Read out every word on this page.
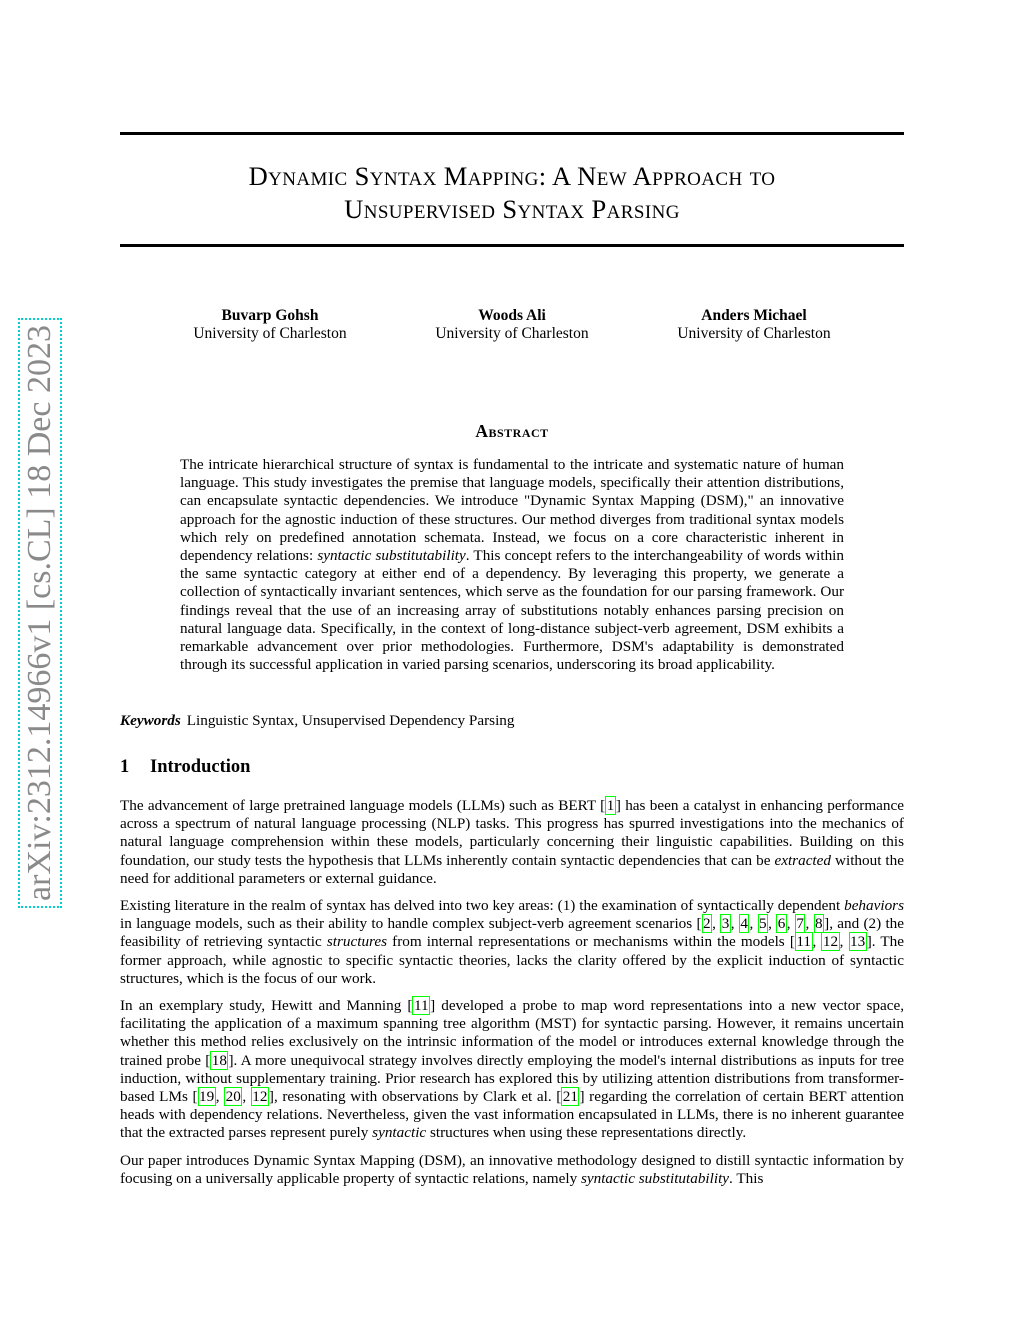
Dynamic Syntax Mapping: A New Approach to
Unsupervised Syntax Parsing
Buvarp Gohsh
University of Charleston
Woods Ali
University of Charleston
Anders Michael
University of Charleston
Abstract

The intricate hierarchical structure of syntax is fundamental to the intricate and systematic nature of human language. This study investigates the premise that language models, specifically their attention distributions, can encapsulate syntactic dependencies. We introduce "Dynamic Syntax Mapping (DSM)," an innovative approach for the agnostic induction of these structures. Our method diverges from traditional syntax models which rely on predefined annotation schemata. Instead, we focus on a core characteristic inherent in dependency relations: syntactic substitutability. This concept refers to the interchangeability of words within the same syntactic category at either end of a dependency. By leveraging this property, we generate a collection of syntactically invariant sentences, which serve as the foundation for our parsing framework. Our findings reveal that the use of an increasing array of substitutions notably enhances parsing precision on natural language data. Specifically, in the context of long-distance subject-verb agreement, DSM exhibits a remarkable advancement over prior methodologies. Furthermore, DSM's adaptability is demonstrated through its successful application in varied parsing scenarios, underscoring its broad applicability.

Keywords Linguistic Syntax, Unsupervised Dependency Parsing
1 Introduction

The advancement of large pretrained language models (LLMs) such as BERT [1] has been a catalyst in enhancing performance across a spectrum of natural language processing (NLP) tasks. This progress has spurred investigations into the mechanics of natural language comprehension within these models, particularly concerning their linguistic capabilities. Building on this foundation, our study tests the hypothesis that LLMs inherently contain syntactic dependencies that can be extracted without the need for additional parameters or external guidance.

Existing literature in the realm of syntax has delved into two key areas: (1) the examination of syntactically dependent behaviors in language models, such as their ability to handle complex subject-verb agreement scenarios [2, 3, 4, 5, 6, 7, 8], and (2) the feasibility of retrieving syntactic structures from internal representations or mechanisms within the models [11, 12, 13]. The former approach, while agnostic to specific syntactic theories, lacks the clarity offered by the explicit induction of syntactic structures, which is the focus of our work.

In an exemplary study, Hewitt and Manning [11] developed a probe to map word representations into a new vector space, facilitating the application of a maximum spanning tree algorithm (MST) for syntactic parsing. However, it remains uncertain whether this method relies exclusively on the intrinsic information of the model or introduces external knowledge through the trained probe [18]. A more unequivocal strategy involves directly employing the model's internal distributions as inputs for tree induction, without supplementary training. Prior research has explored this by utilizing attention distributions from transformer-based LMs [19, 20, 12], resonating with observations by Clark et al. [21] regarding the correlation of certain BERT attention heads with dependency relations. Nevertheless, given the vast information encapsulated in LLMs, there is no inherent guarantee that the extracted parses represent purely syntactic structures when using these representations directly.

Our paper introduces Dynamic Syntax Mapping (DSM), an innovative methodology designed to distill syntactic information by focusing on a universally applicable property of syntactic relations, namely syntactic substitutability. This

arXiv:2312.14966v1 [cs.CL] 18 Dec 2023
